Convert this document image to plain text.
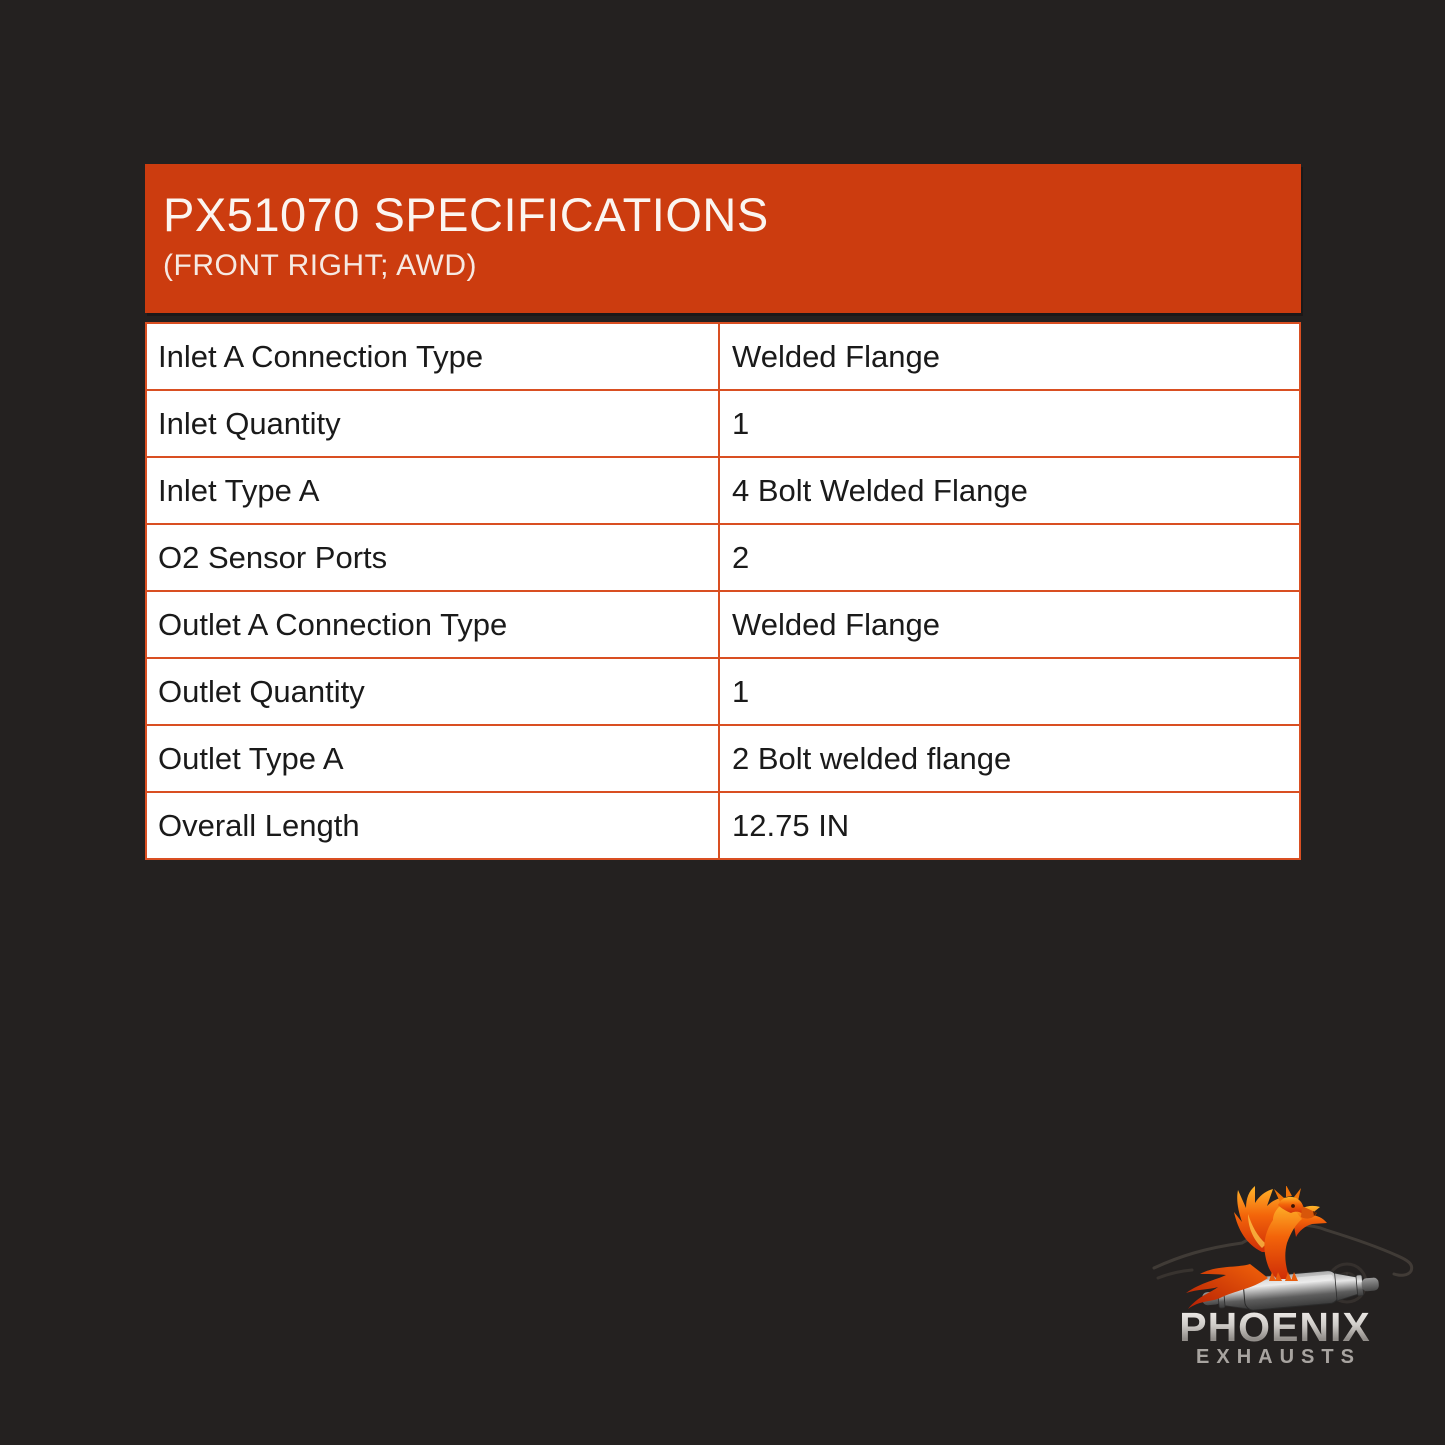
PX51070 SPECIFICATIONS
(FRONT RIGHT; AWD)
Inlet A Connection Type	Welded Flange
Inlet Quantity	1
Inlet Type A	4 Bolt Welded Flange
O2 Sensor Ports	2
Outlet A Connection Type	Welded Flange
Outlet Quantity	1
Outlet Type A	2 Bolt welded flange
Overall Length	12.75 IN
PHOENIX
EXHAUSTS
